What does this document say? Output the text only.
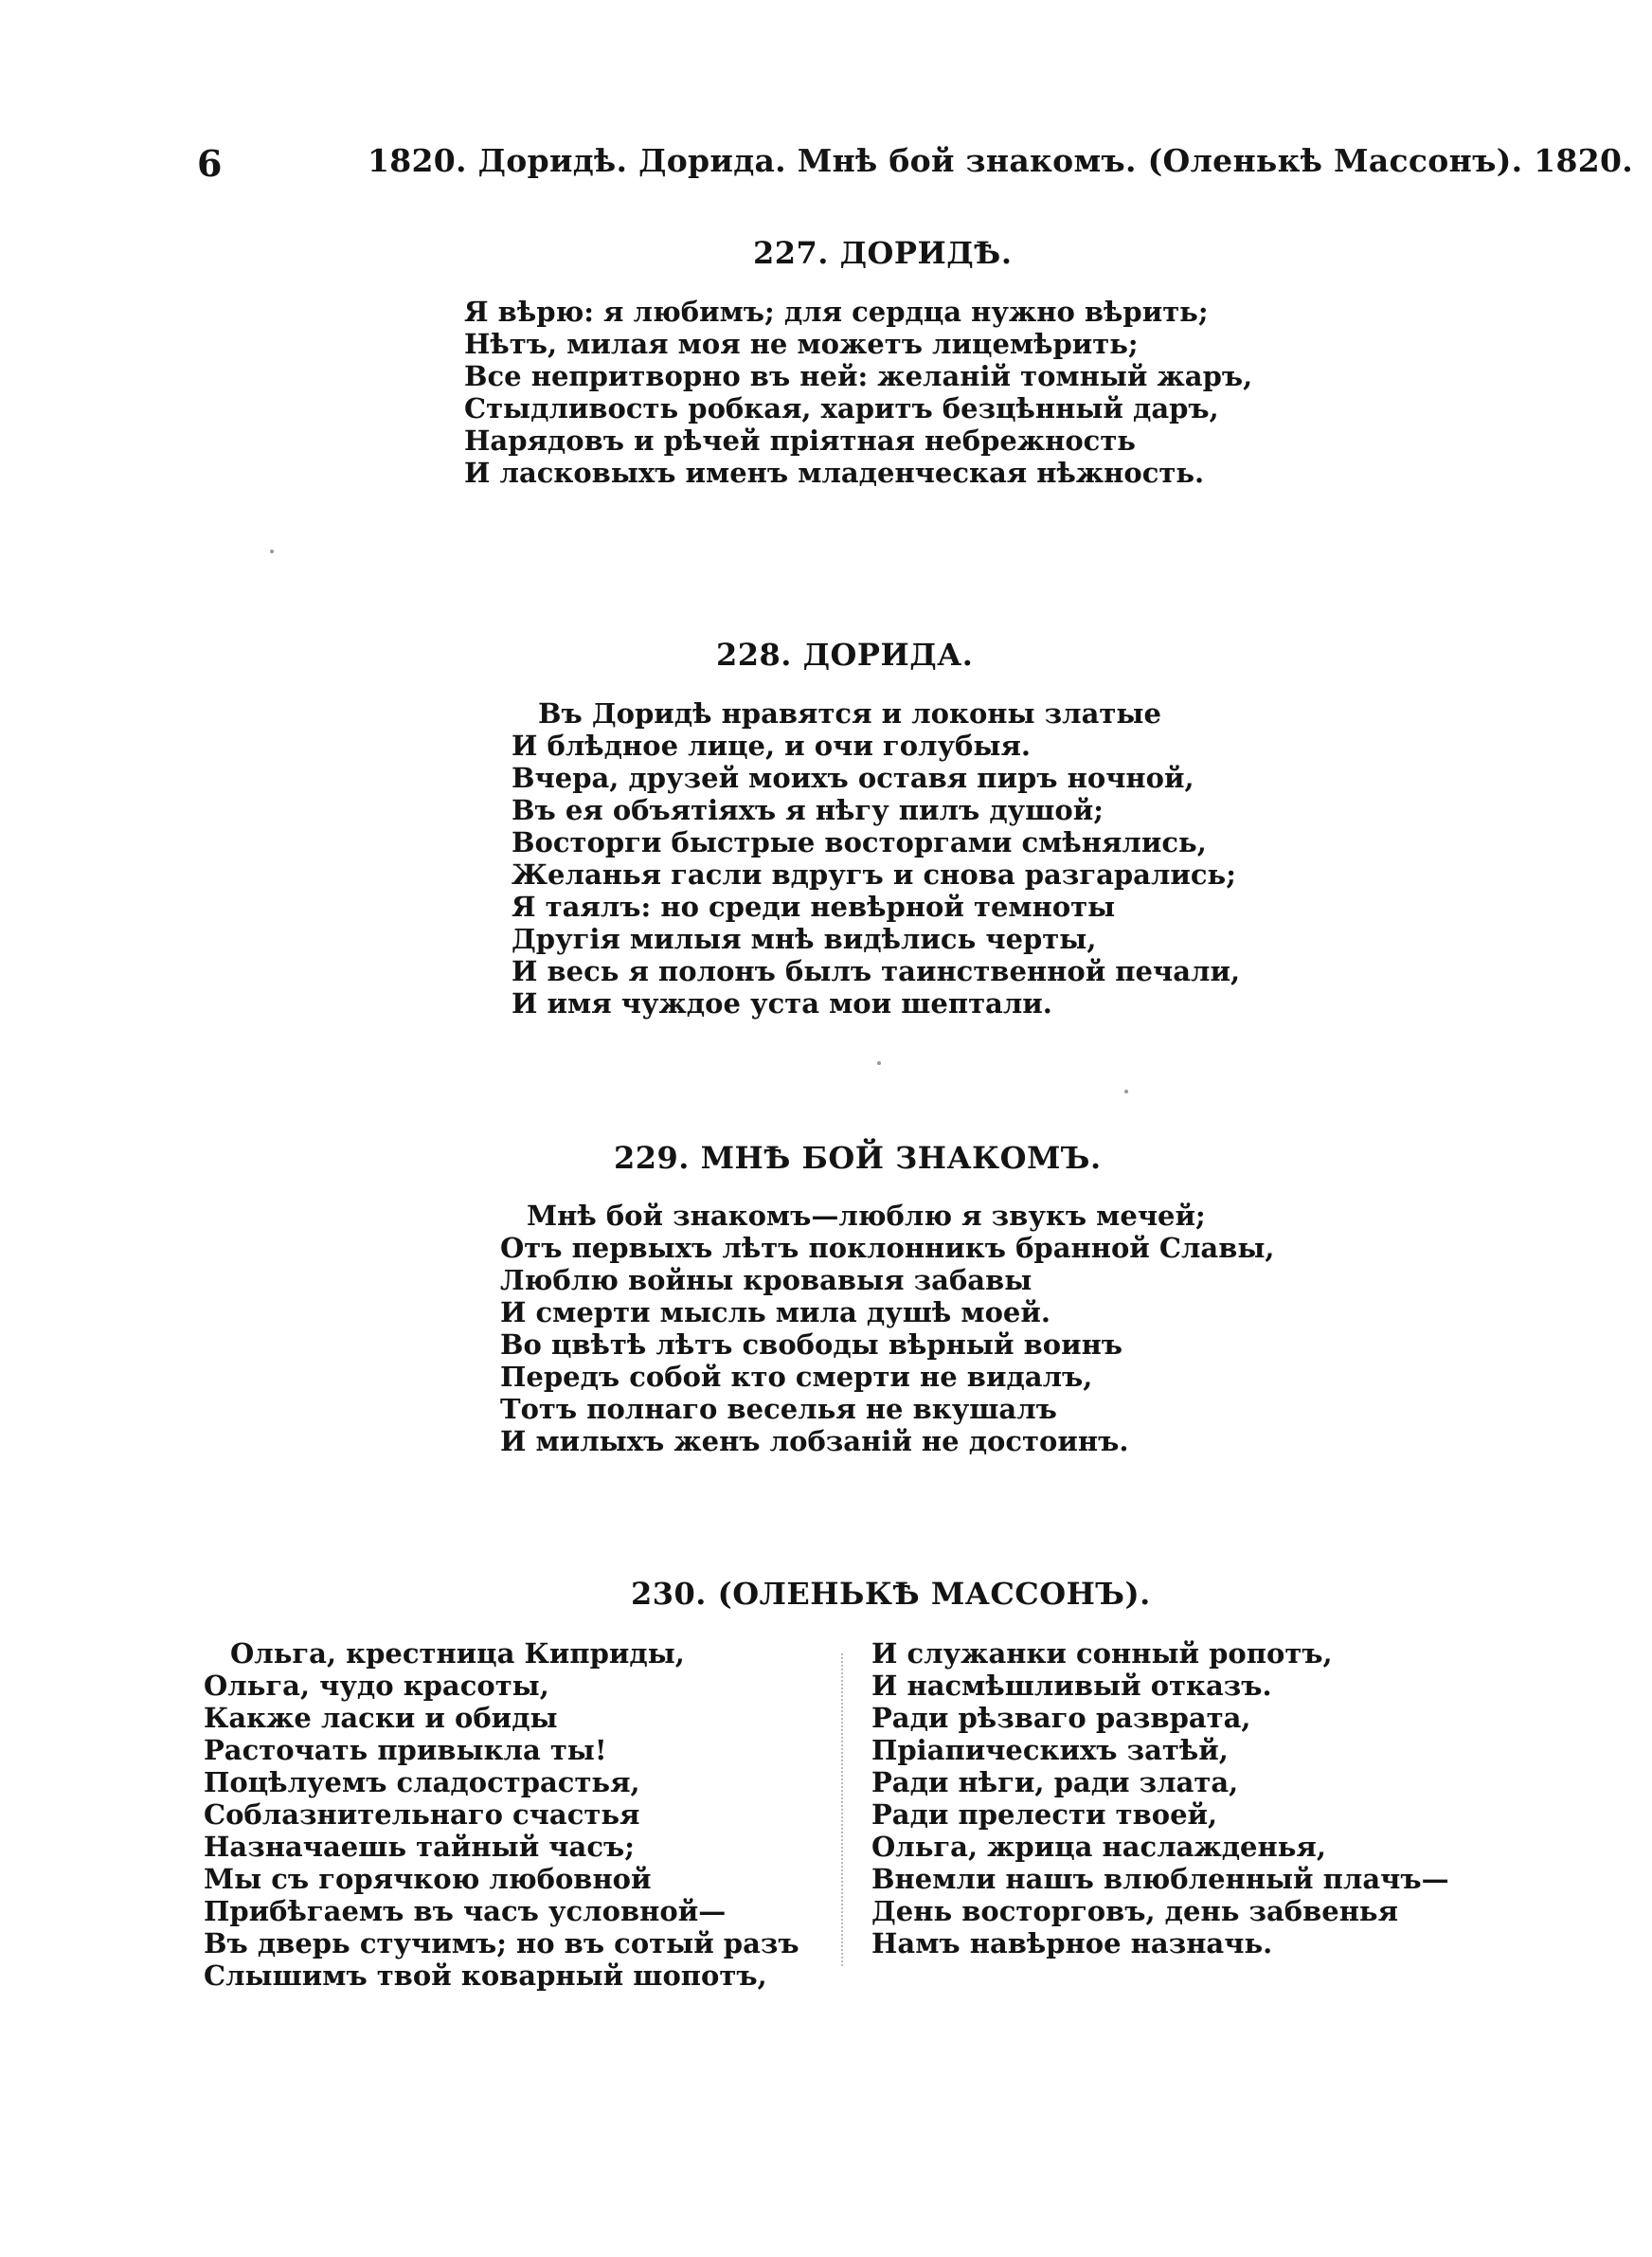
6	1820. Доридѣ. Дорида. Мнѣ бой знакомъ. (Оленькѣ Массонъ). 1820.
227. ДОРИДѢ.
Я вѣрю: я любимъ; для сердца нужно вѣрить;
Нѣтъ, милая моя не можетъ лицемѣрить;
Все непритворно въ ней: желаній томный жаръ,
Стыдливость робкая, харитъ безцѣнный даръ,
Нарядовъ и рѣчей пріятная небрежность
И ласковыхъ именъ младенческая нѣжность.
228. ДОРИДА.
Въ Доридѣ нравятся и локоны златые
И блѣдное лице, и очи голубыя.
Вчера, друзей моихъ оставя пиръ ночной,
Въ ея объятіяхъ я нѣгу пилъ душой;
Восторги быстрые восторгами смѣнялись,
Желанья гасли вдругъ и снова разгарались;
Я таялъ: но среди невѣрной темноты
Другія милыя мнѣ видѣлись черты,
И весь я полонъ былъ таинственной печали,
И имя чуждое уста мои шептали.
229. МНѢ БОЙ ЗНАКОМЪ.
Мнѣ бой знакомъ—люблю я звукъ мечей;
Отъ первыхъ лѣтъ поклонникъ бранной Славы,
Люблю войны кровавыя забавы
И смерти мысль мила душѣ моей.
Во цвѣтѣ лѣтъ свободы вѣрный воинъ
Передъ собой кто смерти не видалъ,
Тотъ полнаго веселья не вкушалъ
И милыхъ женъ лобзаній не достоинъ.
230. (ОЛЕНЬКѢ МАССОНЪ).
Ольга, крестница Киприды,
Ольга, чудо красоты,
Какже ласки и обиды
Расточать привыкла ты!
Поцѣлуемъ сладострастья,
Соблазнительнаго счастья
Назначаешь тайный часъ;
Мы съ горячкою любовной
Прибѣгаемъ въ часъ условной—
Въ дверь стучимъ; но въ сотый разъ
Слышимъ твой коварный шопотъ,
И служанки сонный ропотъ,
И насмѣшливый отказъ.
Ради рѣзваго разврата,
Пріапическихъ затѣй,
Ради нѣги, ради злата,
Ради прелести твоей,
Ольга, жрица наслажденья,
Внемли нашъ влюбленный плачъ—
День восторговъ, день забвенья
Намъ навѣрное назначь.
